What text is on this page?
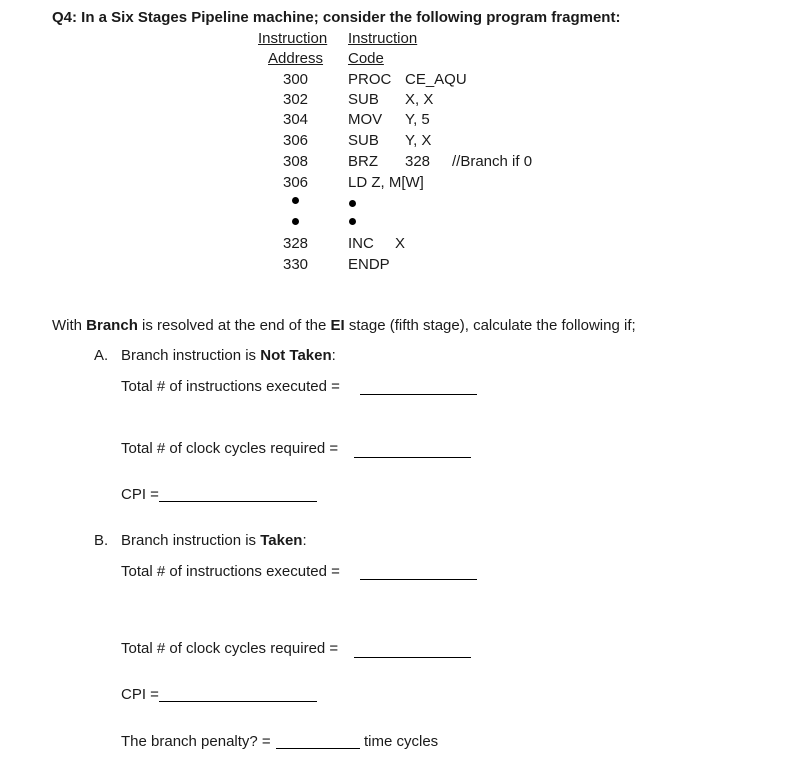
Q4: In a Six Stages Pipeline machine; consider the following program fragment:
Instruction
Address
Instruction
Code
300
302
304
306
308
306
328
330
PROC
SUB
MOV
SUB
BRZ
LD Z, M[W]
INC
ENDP
CE_AQU
X, X
Y, 5
Y, X
328
X
//Branch if 0
With Branch is resolved at the end of the EI stage (fifth stage), calculate the following if;
A. Branch instruction is Not Taken:
Total # of instructions executed =
Total # of clock cycles required =
CPI =
B. Branch instruction is Taken:
Total # of instructions executed =
Total # of clock cycles required =
CPI =
The branch penalty? =	time cycles
